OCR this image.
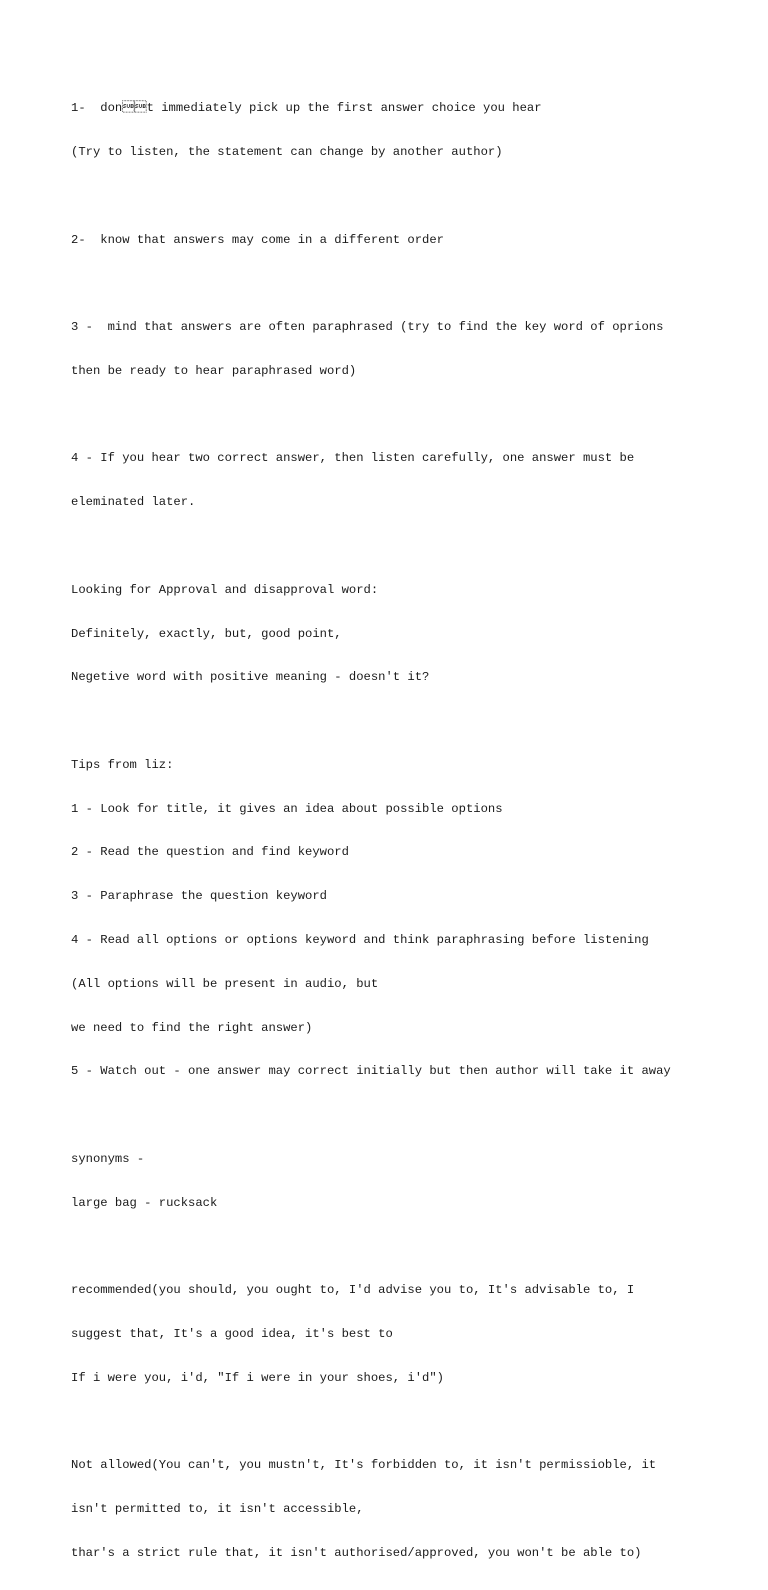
1-  dont immediately pick up the first answer choice you hear

(Try to listen, the statement can change by another author)

2-  know that answers may come in a different order

3 -  mind that answers are often paraphrased (try to find the key word of oprions

then be ready to hear paraphrased word)

4 - If you hear two correct answer, then listen carefully, one answer must be

eleminated later.

Looking for Approval and disapproval word:

Definitely, exactly, but, good point,

Negetive word with positive meaning - doesn't it?

Tips from liz:

1 - Look for title, it gives an idea about possible options

2 - Read the question and find keyword

3 - Paraphrase the question keyword

4 - Read all options or options keyword and think paraphrasing before listening

(All options will be present in audio, but

we need to find the right answer)

5 - Watch out - one answer may correct initially but then author will take it away

synonyms -

large bag - rucksack

recommended(you should, you ought to, I'd advise you to, It's advisable to, I

suggest that, It's a good idea, it's best to

If i were you, i'd, "If i were in your shoes, i'd")

Not allowed(You can't, you mustn't, It's forbidden to, it isn't permissioble, it

isn't permitted to, it isn't accessible,

thar's a strict rule that, it isn't authorised/approved, you won't be able to)
